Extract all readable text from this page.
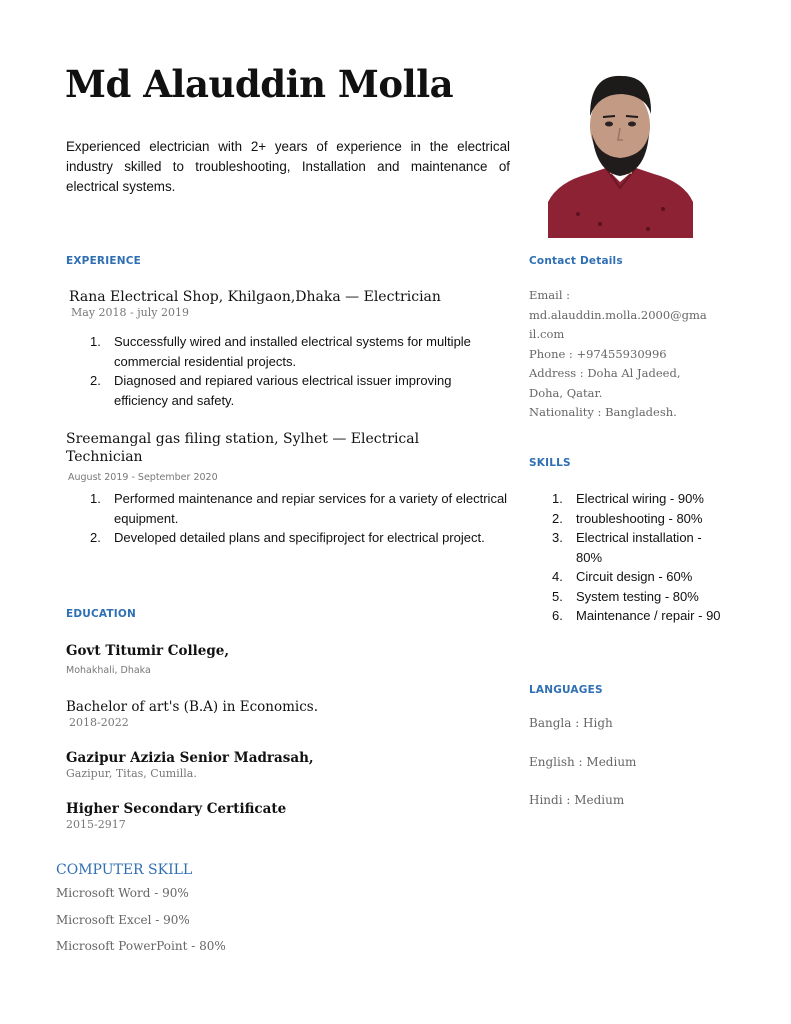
Md Alauddin Molla

Experienced electrician with 2+ years of experience in the electrical industry skilled to troubleshooting, Installation and maintenance of electrical systems.

EXPERIENCE

Rana Electrical Shop, Khilgaon,Dhaka — Electrician

May 2018 - july 2019

1. Successfully wired and installed electrical systems for multiple commercial residential projects.
2. Diagnosed and repiared various electrical issuer improving efficiency and safety.

Sreemangal gas filing station, Sylhet — Electrical Technician

August 2019 - September 2020

1. Performed maintenance and repiar services for a variety of electrical equipment.
2. Developed detailed plans and specifiproject for electrical project.

EDUCATION

Govt Titumir College,

Mohakhali, Dhaka

Bachelor of art's (B.A) in Economics.

2018-2022

Gazipur Azizia Senior Madrasah,

Gazipur, Titas, Cumilla.

Higher Secondary Certificate

2015-2917

COMPUTER SKILL

Microsoft Word - 90%

Microsoft Excel - 90%

Microsoft PowerPoint - 80%

Contact Details

Email :

md.alauddin.molla.2000@gmail.com

Phone : +97455930996

Address : Doha Al Jadeed, Doha, Qatar.

Nationality : Bangladesh.

SKILLS

1. Electrical wiring - 90%
2. troubleshooting - 80%
3. Electrical installation - 80%
4. Circuit design - 60%
5. System testing - 80%
6. Maintenance / repair - 90

LANGUAGES

Bangla : High

English : Medium

Hindi : Medium
